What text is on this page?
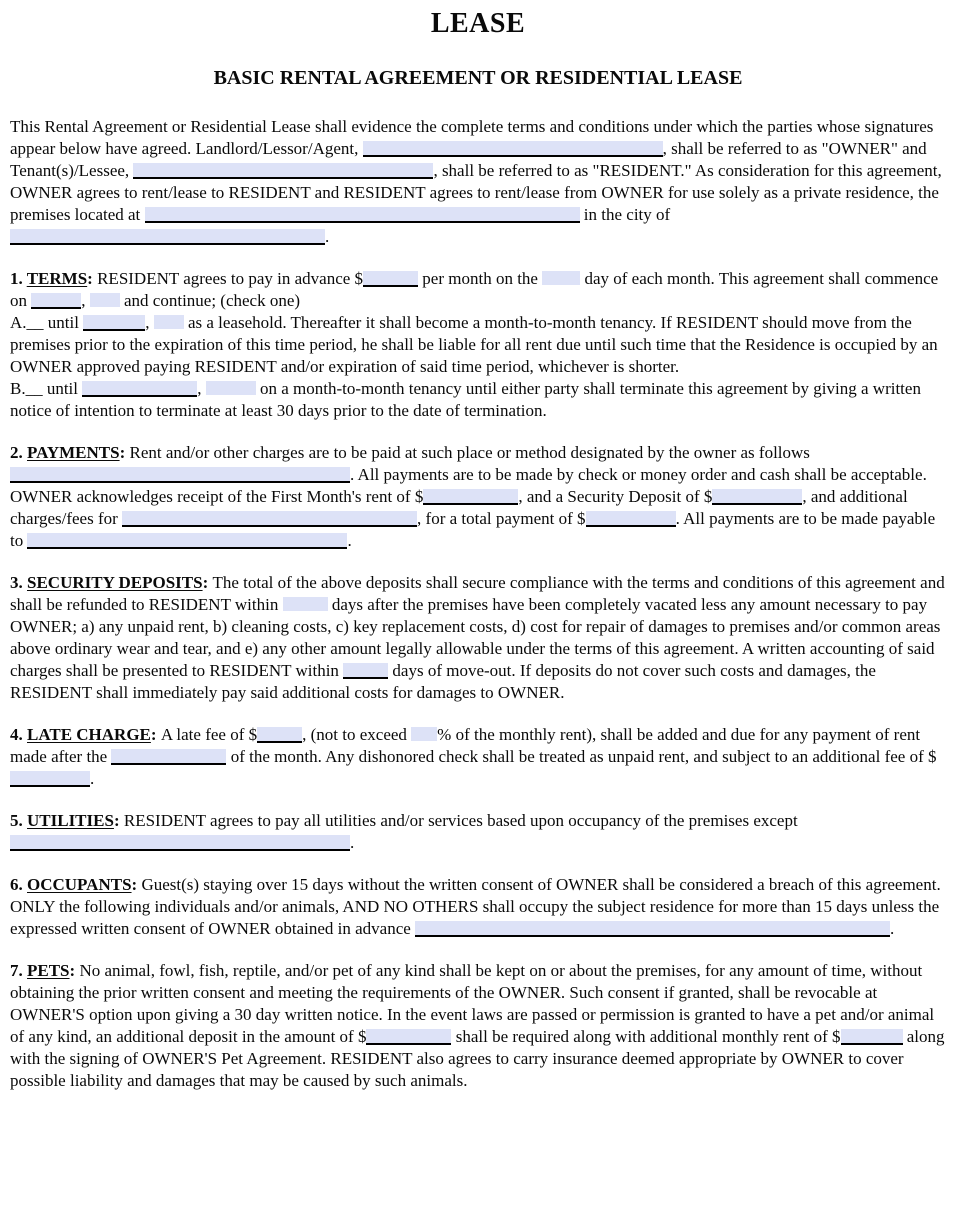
LEASE
BASIC RENTAL AGREEMENT OR RESIDENTIAL LEASE

This Rental Agreement or Residential Lease shall evidence the complete terms and conditions under which the parties whose signatures appear below have agreed. Landlord/Lessor/Agent,	, shall be referred to as "OWNER" and Tenant(s)/Lessee,	, shall be referred to as "RESIDENT." As consideration for this agreement, OWNER agrees to rent/lease to RESIDENT and RESIDENT agrees to rent/lease from OWNER for use solely as a private residence, the premises located at	in the city of .

1. TERMS: RESIDENT agrees to pay in advance $	per month on the  day of each month. This agreement shall commence on	,  and continue; (check one)

A.__ until	,  as a leasehold. Thereafter it shall become a month-to-month tenancy. If RESIDENT should move from the premises prior to the expiration of this time period, he shall be liable for all rent due until such time that the Residence is occupied by an OWNER approved paying RESIDENT and/or expiration of said time period, whichever is shorter.

B.__ until	,	on a month-to-month tenancy until either party shall terminate this agreement by giving a written notice of intention to terminate at least 30 days prior to the date of termination.

2. PAYMENTS: Rent and/or other charges are to be paid at such place or method designated by the owner as follows . All payments are to be made by check or money order and cash shall be acceptable. OWNER acknowledges receipt of the First Month's rent of $	, and a Security Deposit of $	, and additional charges/fees for	, for a total payment of $	. All payments are to be made payable to	.

3. SECURITY DEPOSITS: The total of the above deposits shall secure compliance with the terms and conditions of this agreement and shall be refunded to RESIDENT within	days after the premises have been completely vacated less any amount necessary to pay OWNER; a) any unpaid rent, b) cleaning costs, c) key replacement costs, d) cost for repair of damages to premises and/or common areas above ordinary wear and tear, and e) any other amount legally allowable under the terms of this agreement. A written accounting of said charges shall be presented to RESIDENT within	days of move-out. If deposits do not cover such costs and damages, the RESIDENT shall immediately pay said additional costs for damages to OWNER.

4. LATE CHARGE: A late fee of $	, (not to exceed % of the monthly rent), shall be added and due for any payment of rent made after the	of the month. Any dishonored check shall be treated as unpaid rent, and subject to an additional fee of $.

5. UTILITIES: RESIDENT agrees to pay all utilities and/or services based upon occupancy of the premises except .

6. OCCUPANTS: Guest(s) staying over 15 days without the written consent of OWNER shall be considered a breach of this agreement. ONLY the following individuals and/or animals, AND NO OTHERS shall occupy the subject residence for more than 15 days unless the expressed written consent of OWNER obtained in advance	.

7. PETS: No animal, fowl, fish, reptile, and/or pet of any kind shall be kept on or about the premises, for any amount of time, without obtaining the prior written consent and meeting the requirements of the OWNER. Such consent if granted, shall be revocable at OWNER'S option upon giving a 30 day written notice. In the event laws are passed or permission is granted to have a pet and/or animal of any kind, an additional deposit in the amount of $	shall be required along with additional monthly rent of $	along with the signing of OWNER'S Pet Agreement. RESIDENT also agrees to carry insurance deemed appropriate by OWNER to cover possible liability and damages that may be caused by such animals.
